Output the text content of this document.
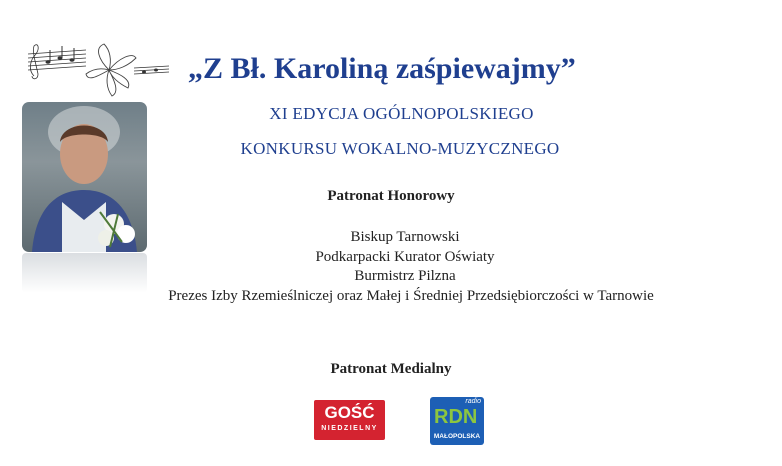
„Z Bł. Karoliną zaśpiewajmy”
XI EDYCJA OGÓLNOPOLSKIEGO
KONKURSU WOKALNO-MUZYCZNEGO
Patronat Honorowy
Biskup Tarnowski
Podkarpacki Kurator Oświaty
Burmistrz Pilzna
Prezes Izby Rzemieślniczej oraz Małej i Średniej Przedsiębiorczości w Tarnowie
Patronat Medialny
GOŚĆ
NIEDZIELNY
radio
RDN
MAŁOPOLSKA
